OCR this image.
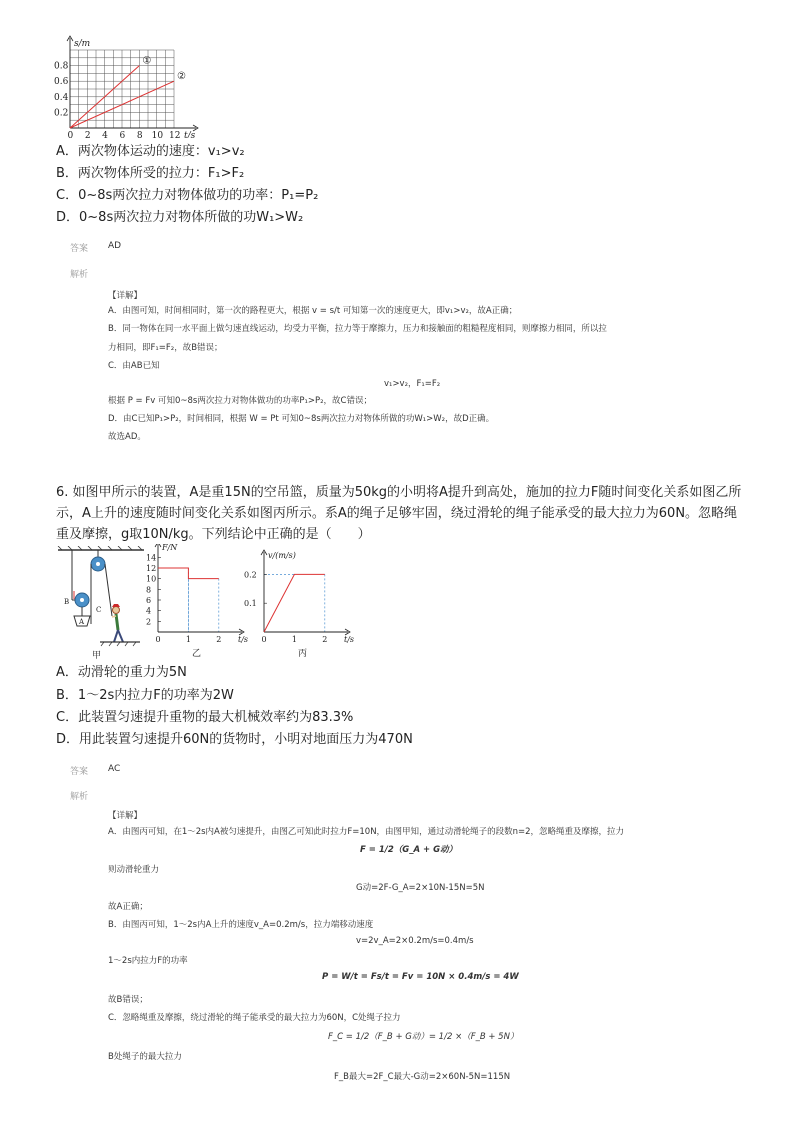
0 2 4 6 8 10 12
0.2
0.4
0.6
0.8
s/m
t/s
①
②
A．两次物体运动的速度：v₁>v₂
B．两次物体所受的拉力：F₁>F₂
C．0~8s两次拉力对物体做功的功率：P₁=P₂
D．0~8s两次拉力对物体所做的功W₁>W₂
答案 AD
解析
【详解】
A．由图可知，时间相同时，第一次的路程更大，根据 v = s/t 可知第一次的速度更大，即v₁>v₂，故A正确；
B．同一物体在同一水平面上做匀速直线运动，均受力平衡，拉力等于摩擦力，压力和接触面的粗糙程度相同，则摩擦力相同，所以拉
力相同，即F₁=F₂，故B错误；
C．由AB已知
v₁>v₂，F₁=F₂
根据 P = Fv 可知0~8s两次拉力对物体做功的功率P₁>P₂，故C错误；
D．由C已知P₁>P₂，时间相同，根据 W = Pt 可知0~8s两次拉力对物体所做的功W₁>W₂，故D正确。
故选AD。
6. 如图甲所示的装置，A是重15N的空吊篮，质量为50kg的小明将A提升到高处，施加的拉力F随时间变化关系如图乙所示，A上升的速度随时间变化关系如图丙所示。系A的绳子足够牢固，绕过滑轮的绳子能承受的最大拉力为60N。忽略绳重及摩擦，g取10N/kg。下列结论中正确的是（　　）
A
B
C
甲
0	1	2
2
4
6
8
10
12
14
F/N
t/s
乙
0	1	2
0.1
0.2
v/(m/s)
t/s
丙
A．动滑轮的重力为5N
B．1～2s内拉力F的功率为2W
C．此装置匀速提升重物的最大机械效率约为83.3%
D．用此装置匀速提升60N的货物时，小明对地面压力为470N
答案 AC
解析
【详解】
A．由图丙可知，在1～2s内A被匀速提升，由图乙可知此时拉力F=10N，由图甲知，通过动滑轮绳子的段数n=2，忽略绳重及摩擦，拉力
F = 1/2（G_A + G动）
则动滑轮重力
G动=2F-G_A=2×10N-15N=5N
故A正确；
B．由图丙可知，1～2s内A上升的速度v_A=0.2m/s，拉力端移动速度
v=2v_A=2×0.2m/s=0.4m/s
1～2s内拉力F的功率
P = W/t = Fs/t = Fv = 10N × 0.4m/s = 4W
故B错误；
C．忽略绳重及摩擦，绕过滑轮的绳子能承受的最大拉力为60N，C处绳子拉力
F_C = 1/2（F_B + G动）= 1/2 ×（F_B + 5N）
B处绳子的最大拉力
F_B最大=2F_C最大-G动=2×60N-5N=115N
